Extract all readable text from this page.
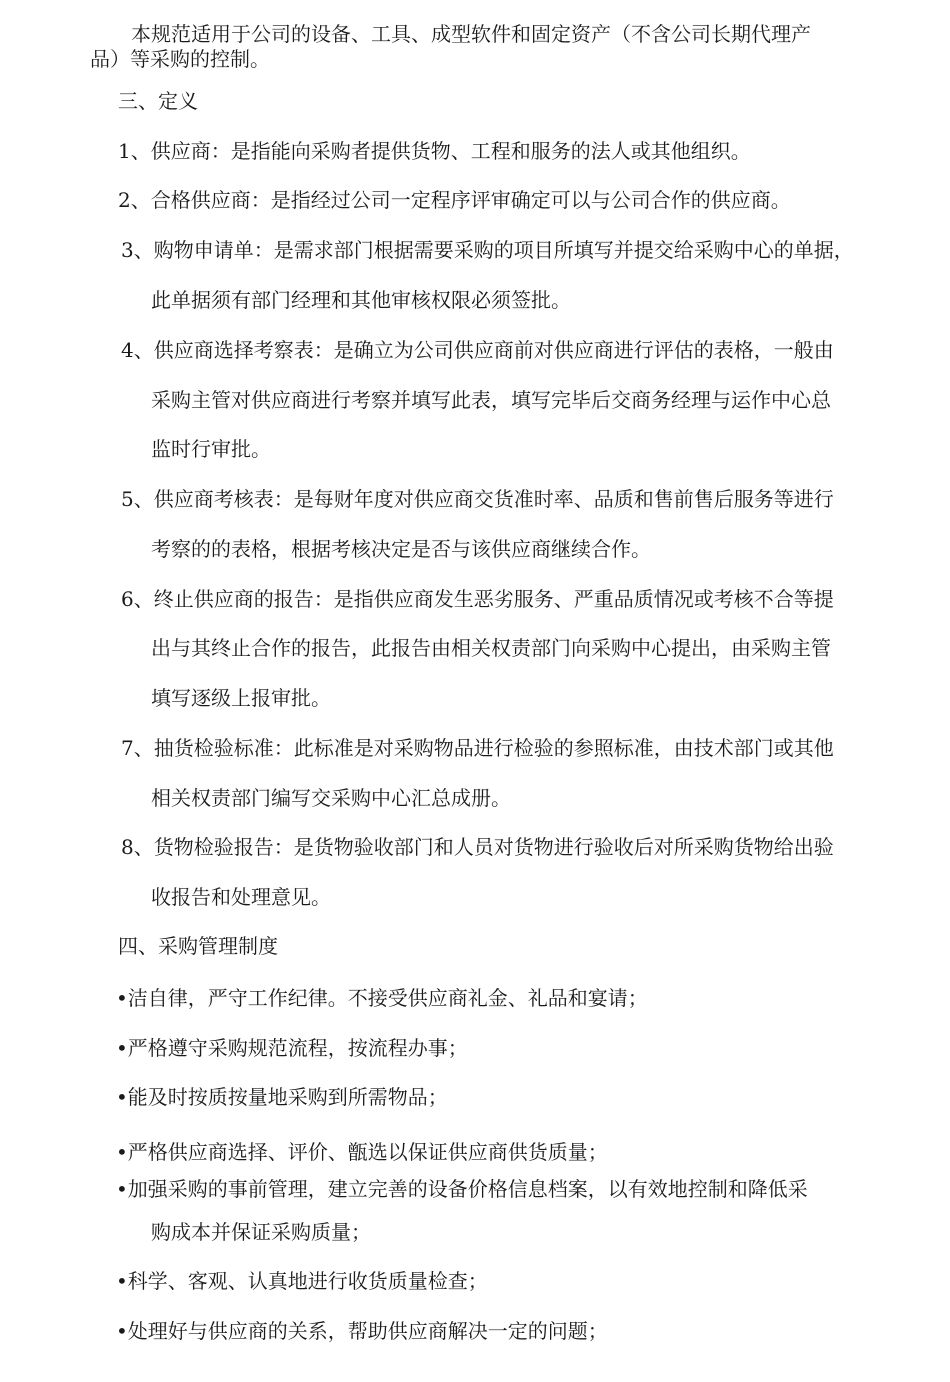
本规范适用于公司的设备、工具、成型软件和固定资产（不含公司长期代理产

品）等采购的控制。

三、定义

1、供应商：是指能向采购者提供货物、工程和服务的法人或其他组织。

2、合格供应商：是指经过公司一定程序评审确定可以与公司合作的供应商。

3、购物申请单：是需求部门根据需要采购的项目所填写并提交给采购中心的单据，

此单据须有部门经理和其他审核权限必须签批。

4、供应商选择考察表：是确立为公司供应商前对供应商进行评估的表格，一般由

采购主管对供应商进行考察并填写此表，填写完毕后交商务经理与运作中心总

监时行审批。

5、供应商考核表：是每财年度对供应商交货准时率、品质和售前售后服务等进行

考察的的表格，根据考核决定是否与该供应商继续合作。

6、终止供应商的报告：是指供应商发生恶劣服务、严重品质情况或考核不合等提

出与其终止合作的报告，此报告由相关权责部门向采购中心提出，由采购主管

填写逐级上报审批。

7、抽货检验标准：此标准是对采购物品进行检验的参照标准，由技术部门或其他

相关权责部门编写交采购中心汇总成册。

8、货物检验报告：是货物验收部门和人员对货物进行验收后对所采购货物给出验

收报告和处理意见。

四、采购管理制度

•洁自律，严守工作纪律。不接受供应商礼金、礼品和宴请；

•严格遵守采购规范流程，按流程办事；

•能及时按质按量地采购到所需物品；

•严格供应商选择、评价、甑选以保证供应商供货质量；

•加强采购的事前管理，建立完善的设备价格信息档案，以有效地控制和降低采

购成本并保证采购质量；

•科学、客观、认真地进行收货质量检查；

•处理好与供应商的关系，帮助供应商解决一定的问题；
